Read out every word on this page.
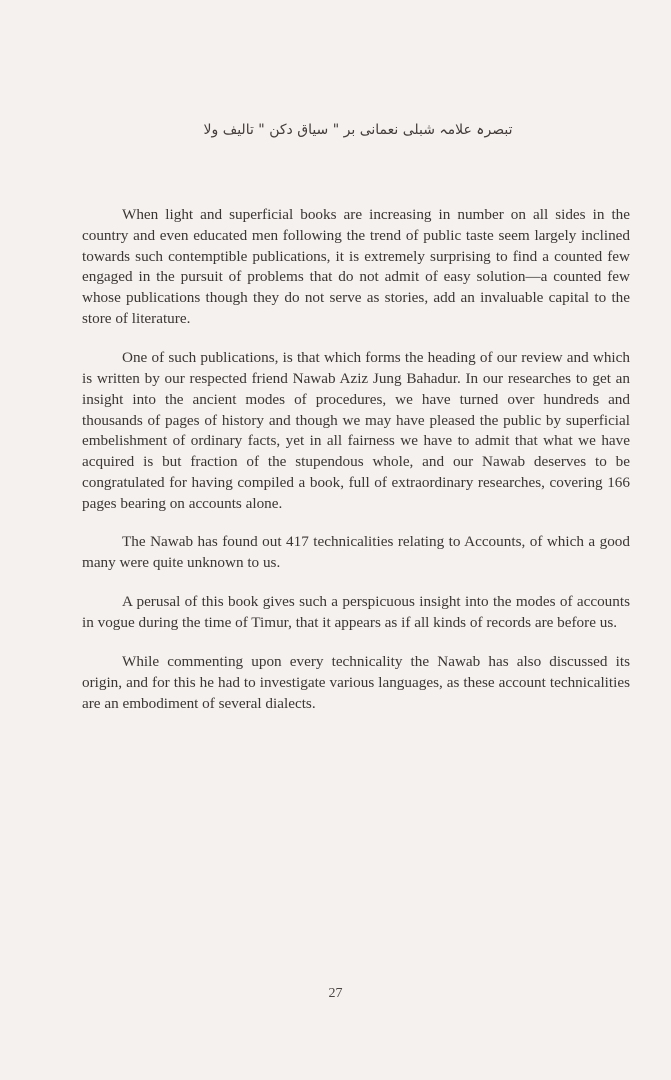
تبصرہ علامہ شبلی نعمانی بر " سیاق دکن " تالیف ولا

When light and superficial books are increasing in number on all sides in the country and even educated men following the trend of public taste seem largely inclined towards such contemptible publications, it is extremely surprising to find a counted few engaged in the pursuit of problems that do not admit of easy solution—a counted few whose publications though they do not serve as stories, add an invaluable capital to the store of literature.

One of such publications, is that which forms the heading of our review and which is written by our respected friend Nawab Aziz Jung Bahadur. In our researches to get an insight into the ancient modes of procedures, we have turned over hundreds and thousands of pages of history and though we may have pleased the public by superficial embelishment of ordinary facts, yet in all fairness we have to admit that what we have acquired is but fraction of the stupendous whole, and our Nawab deserves to be congratulated for having compiled a book, full of extraordinary researches, covering 166 pages bearing on accounts alone.

The Nawab has found out 417 technicalities relating to Accounts, of which a good many were quite unknown to us.

A perusal of this book gives such a perspicuous insight into the modes of accounts in vogue during the time of Timur, that it appears as if all kinds of records are before us.

While commenting upon every technicality the Nawab has also discussed its origin, and for this he had to investigate various languages, as these account technicalities are an embodiment of several dialects.

27
